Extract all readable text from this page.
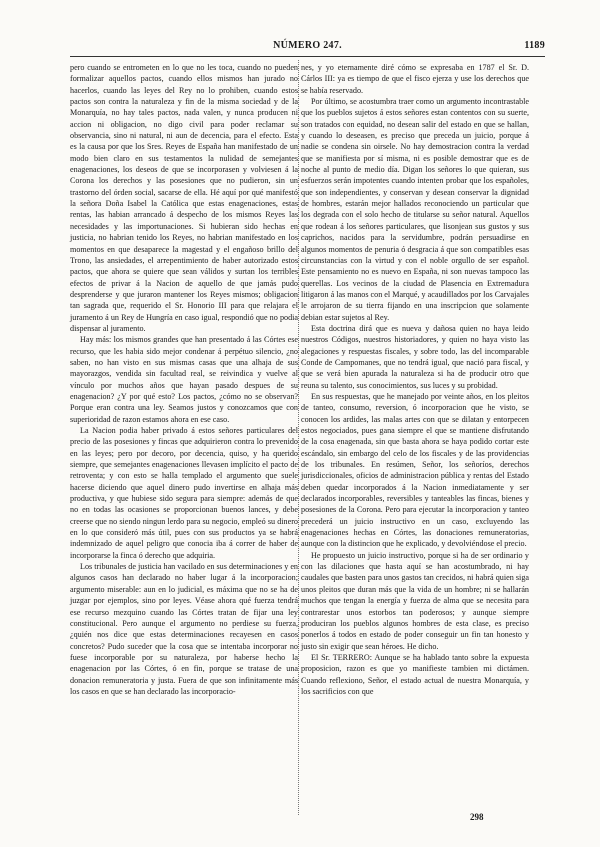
NÚMERO 247.	1189

pero cuando se entrometen en lo que no les toca, cuando no pueden formalizar aquellos pactos, cuando ellos mismos han jurado no hacerlos, cuando las leyes del Rey no lo prohiben, cuando estos pactos son contra la naturaleza y fin de la misma sociedad y de la Monarquía, no hay tales pactos, nada valen, y nunca producen ni accion ni obligacion, no digo civil para poder reclamar su observancia, sino ni natural, ni aun de decencia, para el efecto. Esta es la causa por que los Sres. Reyes de España han manifestado de un modo bien claro en sus testamentos la nulidad de semejantes enagenaciones, los deseos de que se incorporasen y volviesen á la Corona los derechos y las posesiones que no pudieron, sin un trastorno del órden social, sacarse de ella. Hé aquí por qué manifestó la señora Doña Isabel la Católica que estas enagenaciones, estas rentas, las habian arrancado á despecho de los mismos Reyes las necesidades y las importunaciones. Si hubieran sido hechas en justicia, no habrian tenido los Reyes, no habrian manifestado en los momentos en que desaparece la magestad y el engañoso brillo del Trono, las ansiedades, el arrepentimiento de haber autorizado estos pactos, que ahora se quiere que sean válidos y surtan los terribles efectos de privar á la Nacion de aquello de que jamás pudo desprenderse y que juraron mantener los Reyes mismos; obligacion tan sagrada que, requerido el Sr. Honorio III para que relajara el juramento á un Rey de Hungría en caso igual, respondió que no podia dispensar al juramento.

Hay más: los mismos grandes que han presentado á las Córtes ese recurso, que les habia sido mejor condenar á perpétuo silencio, ¿no saben, no han visto en sus mismas casas que una alhaja de sus mayorazgos, vendida sin facultad real, se reivindica y vuelve al vínculo por muchos años que hayan pasado despues de su enagenacion? ¿Y por qué esto? Los pactos, ¿cómo no se observan? Porque eran contra una ley. Seamos justos y conozcamos que con superioridad de razon estamos ahora en ese caso.

La Nacion podia haber privado á estos señores particulares del precio de las posesiones y fincas que adquirieron contra lo prevenido en las leyes; pero por decoro, por decencia, quiso, y ha querido siempre, que semejantes enagenaciones llevasen implícito el pacto de retroventa; y con esto se halla templado el argumento que suele hacerse diciendo que aquel dinero pudo invertirse en alhaja más productiva, y que hubiese sido segura para siempre: además de que no en todas las ocasiones se proporcionan buenos lances, y debe creerse que no siendo ningun lerdo para su negocio, empleó su dinero en lo que consideró más útil, pues con sus productos ya se habrá indemnizado de aquel peligro que conocia iba á correr de haber de incorporarse la finca ó derecho que adquiria.

Los tribunales de justicia han vacilado en sus determinaciones y en algunos casos han declarado no haber lugar á la incorporacion; argumento miserable: aun en lo judicial, es máxima que no se ha de juzgar por ejemplos, sino por leyes. Véase ahora qué fuerza tendrá ese recurso mezquino cuando las Córtes tratan de fijar una ley constitucional. Pero aunque el argumento no perdiese su fuerza, ¿quién nos dice que estas determinaciones recayesen en casos concretos? Pudo suceder que la cosa que se intentaba incorporar no fuese incorporable por su naturaleza, por haberse hecho la enagenacion por las Córtes, ó en fin, porque se tratase de una donacion remuneratoria y justa. Fuera de que son infinitamente más los casos en que se han declarado las incorporacio-

nes, y yo eternamente diré cómo se expresaba en 1787 el Sr. D. Cárlos III: ya es tiempo de que el fisco ejerza y use los derechos que se había reservado.

Por último, se acostumbra traer como un argumento incontrastable que los pueblos sujetos á estos señores estan contentos con su suerte, son tratados con equidad, no desean salir del estado en que se hallan, y cuando lo deseasen, es preciso que preceda un juicio, porque á nadie se condena sin oirsele. No hay demostracion contra la verdad que se manifiesta por sí misma, ni es posible demostrar que es de noche al punto de medio día. Digan los señores lo que quieran, sus esfuerzos serán impotentes cuando intenten probar que los españoles, que son independientes, y conservan y desean conservar la dignidad de hombres, estarán mejor hallados reconociendo un particular que los degrada con el solo hecho de titularse su señor natural. Aquellos que rodean á los señores particulares, que lisonjean sus gustos y sus caprichos, nacidos para la servidumbre, podrán persuadirse en algunos momentos de penuria ó desgracia á que son compatibles esas circunstancias con la virtud y con el noble orgullo de ser español. Este pensamiento no es nuevo en España, ni son nuevas tampoco las querellas. Los vecinos de la ciudad de Plasencia en Extremadura litigaron á las manos con el Marqué, y acaudillados por los Carvajales le arrojaron de su tierra fijando en una inscripcion que solamente debian estar sujetos al Rey.

Esta doctrina dirá que es nueva y dañosa quien no haya leido nuestros Códigos, nuestros historiadores, y quien no haya visto las alegaciones y respuestas fiscales, y sobre todo, las del incomparable Conde de Campomanes, que no tendrá igual, que nació para fiscal, y que se verá bien apurada la naturaleza si ha de producir otro que reuna su talento, sus conocimientos, sus luces y su probidad.

En sus respuestas, que he manejado por veinte años, en los pleitos de tanteo, consumo, reversion, ó incorporacion que he visto, se conocen los ardides, las malas artes con que se dilatan y entorpecen estos negociados, pues gana siempre el que se mantiene disfrutando de la cosa enagenada, sin que basta ahora se haya podido cortar este escándalo, sin embargo del celo de los fiscales y de las providencias de los tribunales. En resúmen, Señor, los señoríos, derechos jurisdiccionales, oficios de administracion pública y rentas del Estado deben quedar incorporados á la Nacion inmediatamente y ser declarados incorporables, reversibles y tanteables las fincas, bienes y posesiones de la Corona. Pero para ejecutar la incorporacion y tanteo precederá un juicio instructivo en un caso, excluyendo las enagenaciones hechas en Córtes, las donaciones remuneratorias, aunque con la distincion que he explicado, y devolviéndose el precio.

He propuesto un juicio instructivo, porque si ha de ser ordinario y con las dilaciones que hasta aquí se han acostumbrado, ni hay caudales que basten para unos gastos tan crecidos, ni habrá quien siga unos pleitos que duran más que la vida de un hombre; ni se hallarán muchos que tengan la energía y fuerza de alma que se necesita para contrarestar unos estorbos tan poderosos; y aunque siempre produciran los pueblos algunos hombres de esta clase, es preciso ponerlos á todos en estado de poder conseguir un fin tan honesto y justo sin exigir que sean héroes. He dicho.

El Sr. TERRERO: Aunque se ha hablado tanto sobre la expuesta proposicion, razon es que yo manifieste tambien mi dictámen. Cuando reflexiono, Señor, el estado actual de nuestra Monarquía, y los sacrificios con que

298
